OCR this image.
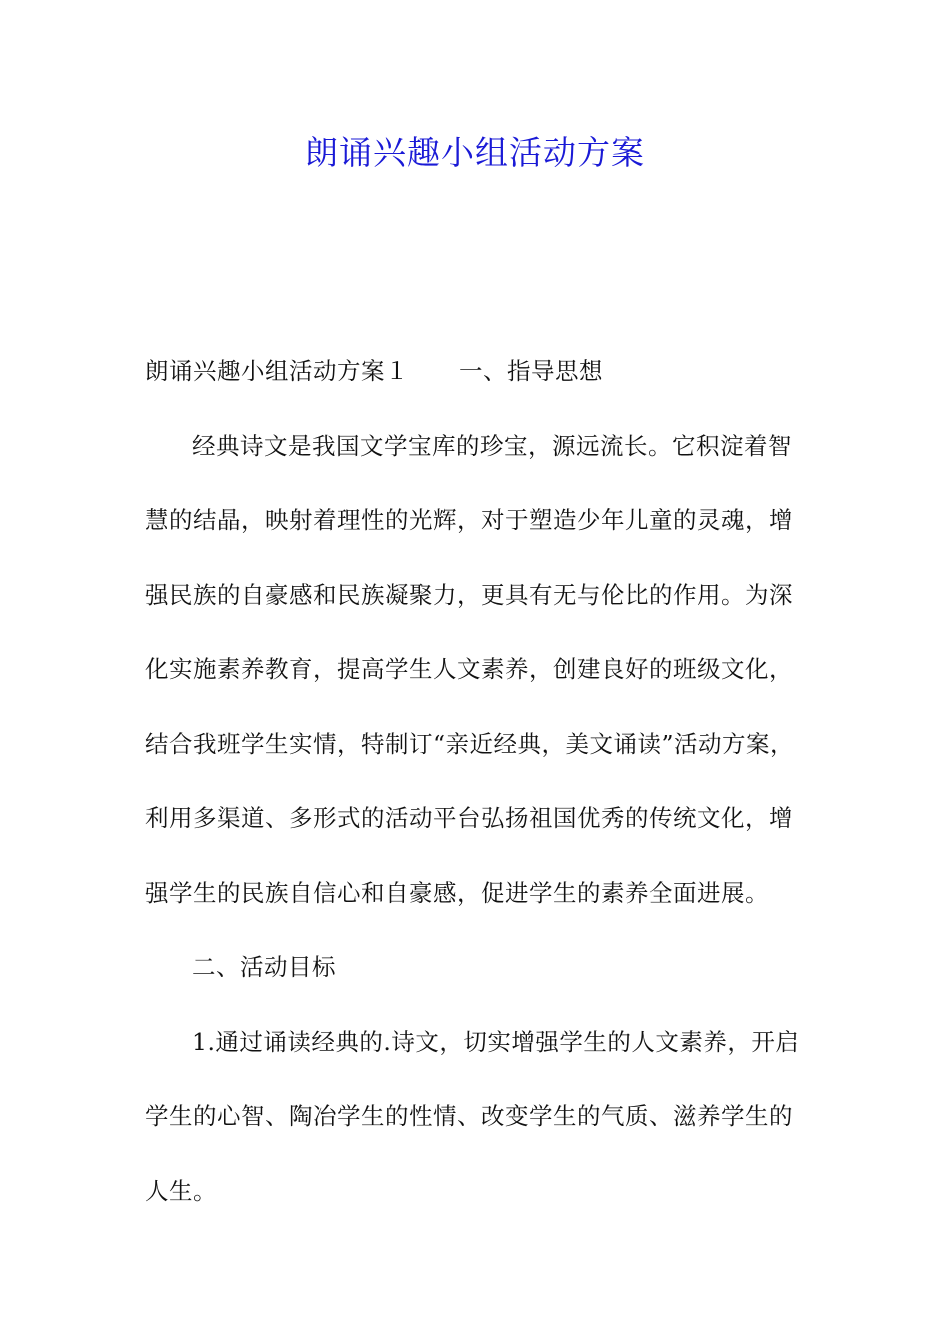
朗诵兴趣小组活动方案
朗诵兴趣小组活动方案１ 一、指导思想
经典诗文是我国文学宝库的珍宝，源远流长。它积淀着智
慧的结晶，映射着理性的光辉，对于塑造少年儿童的灵魂，增
强民族的自豪感和民族凝聚力，更具有无与伦比的作用。为深
化实施素养教育，提高学生人文素养，创建良好的班级文化，
结合我班学生实情，特制订“亲近经典，美文诵读”活动方案，
利用多渠道、多形式的活动平台弘扬祖国优秀的传统文化，增
强学生的民族自信心和自豪感，促进学生的素养全面进展。
二、活动目标
1.通过诵读经典的.诗文，切实增强学生的人文素养，开启
学生的心智、陶冶学生的性情、改变学生的气质、滋养学生的
人生。
